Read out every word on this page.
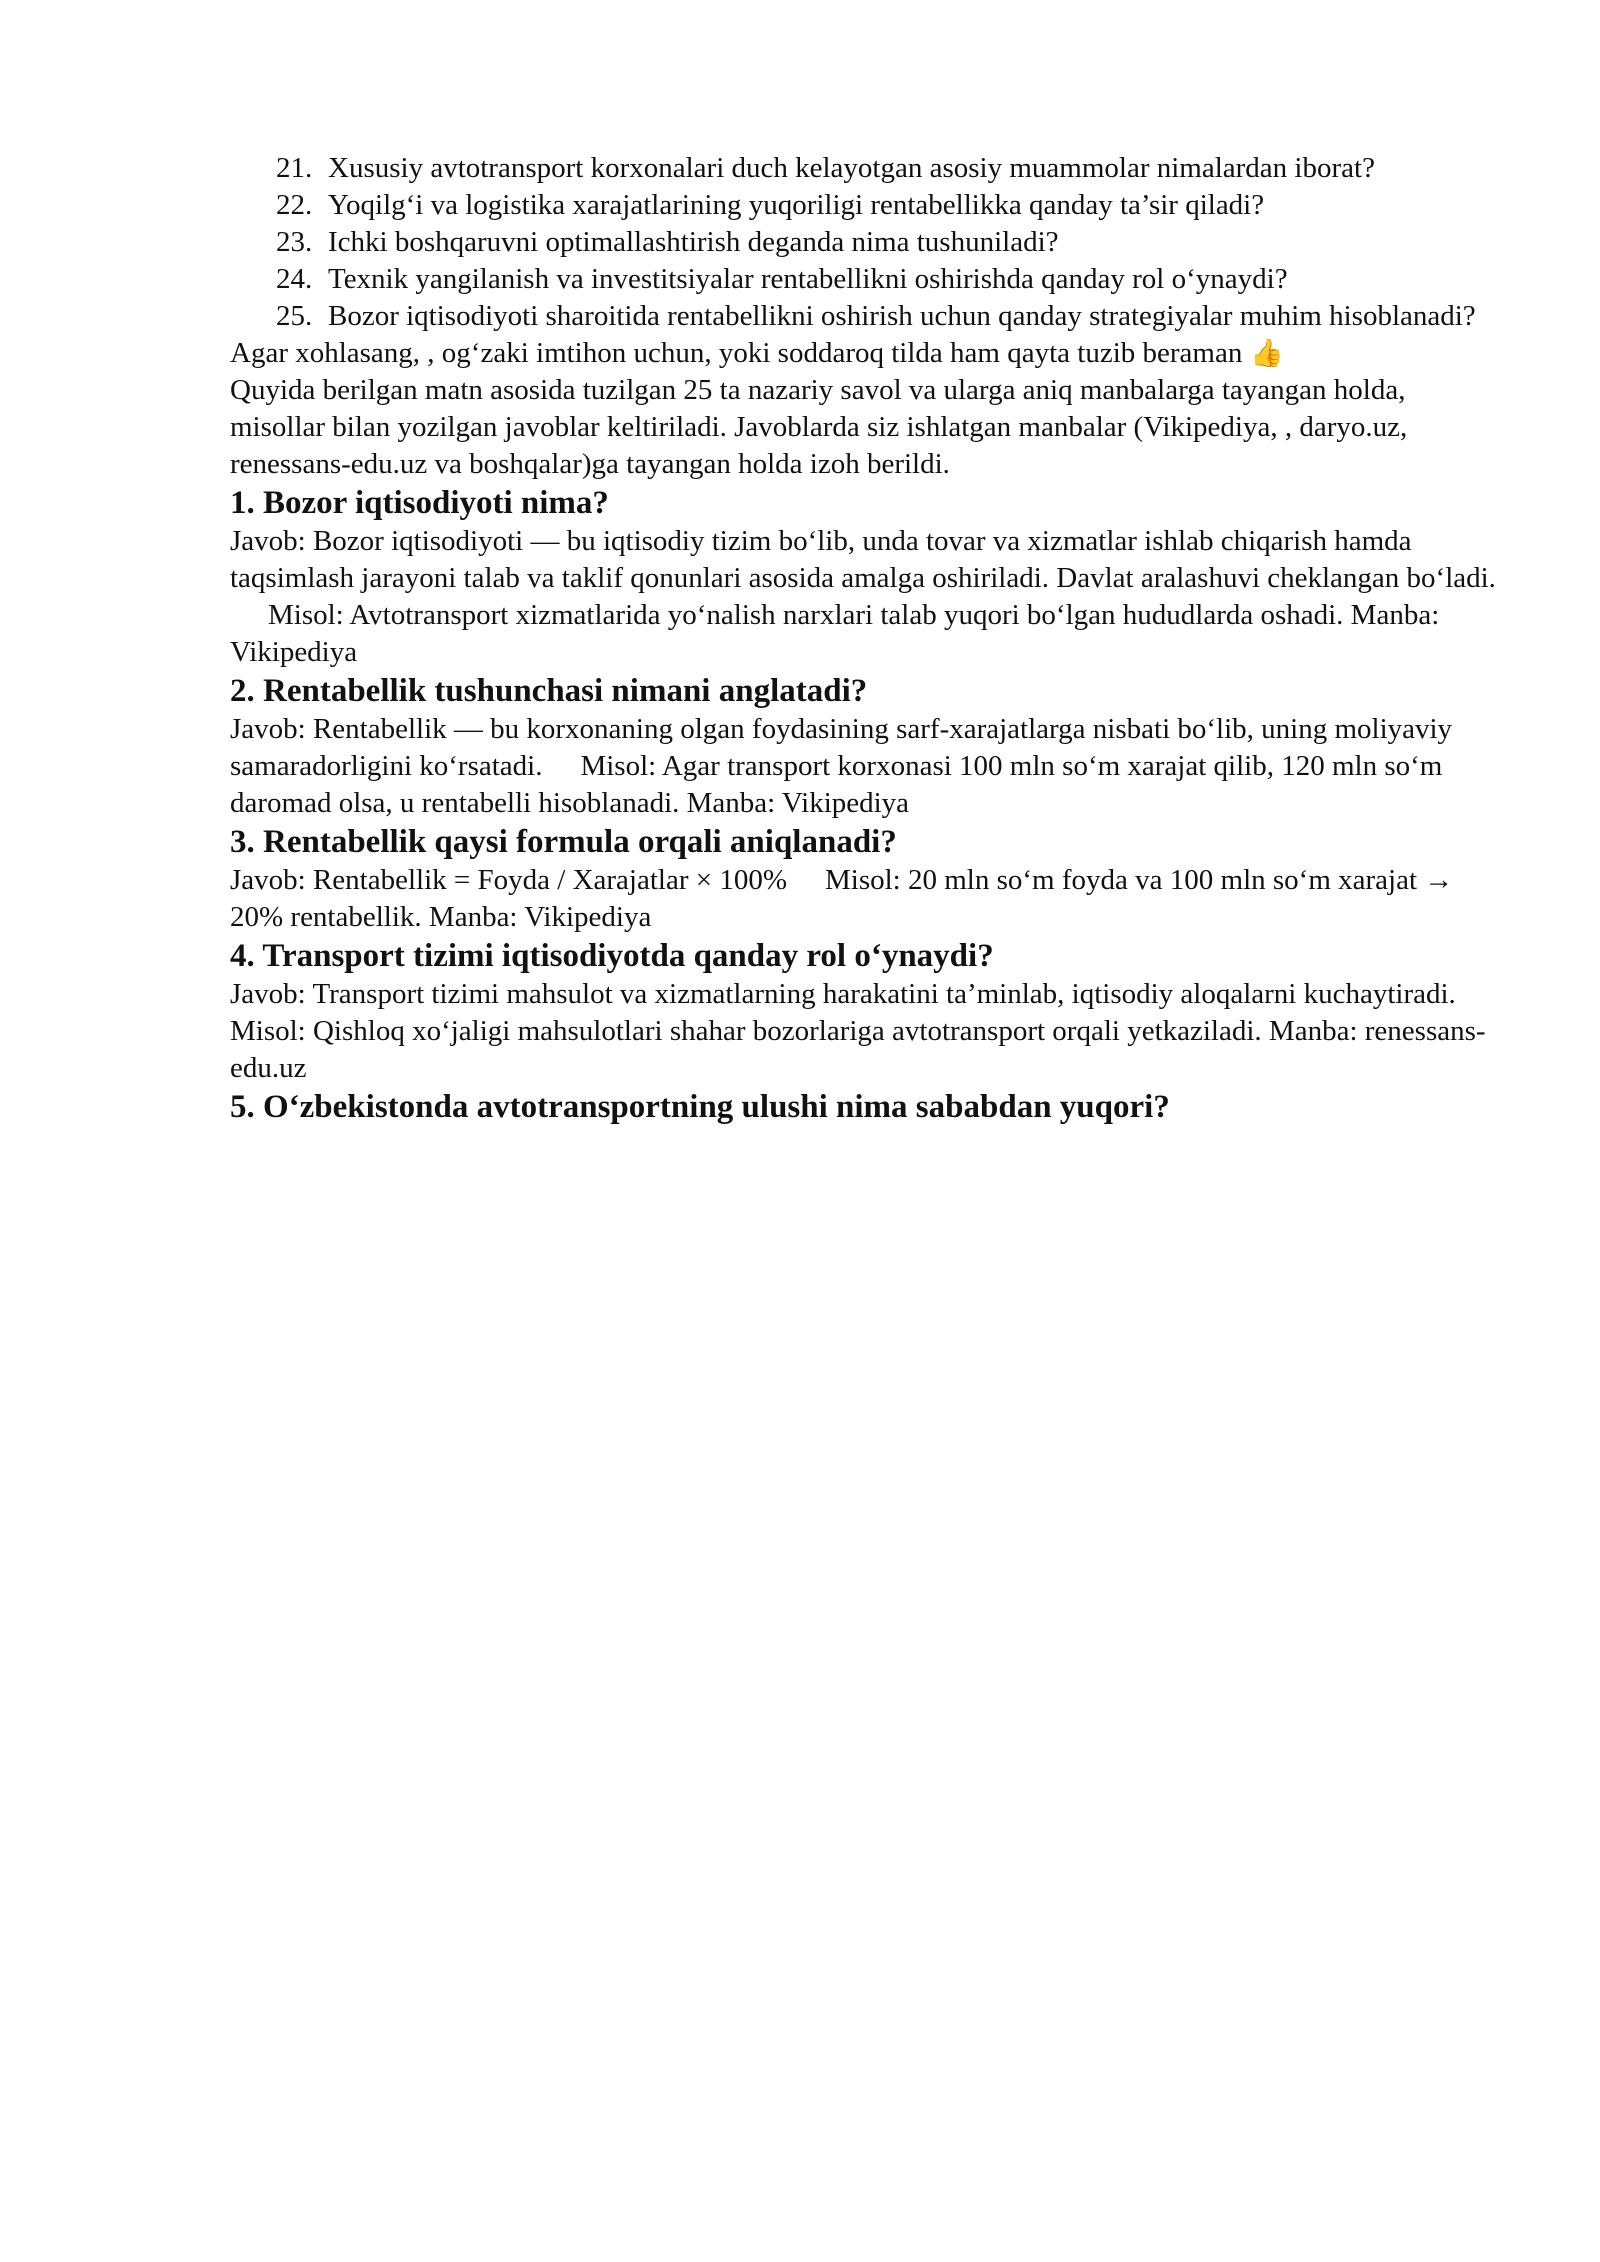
21. Xususiy avtotransport korxonalari duch kelayotgan asosiy muammolar nimalardan iborat?
22. Yoqilg‘i va logistika xarajatlarining yuqoriligi rentabellikka qanday ta’sir qiladi?
23. Ichki boshqaruvni optimallashtirish deganda nima tushuniladi?
24. Texnik yangilanish va investitsiyalar rentabellikni oshirishda qanday rol o‘ynaydi?
25. Bozor iqtisodiyoti sharoitida rentabellikni oshirish uchun qanday strategiyalar muhim hisoblanadi?

Agar xohlasang, , og‘zaki imtihon uchun, yoki soddaroq tilda ham qayta tuzib beraman 👍

Quyida berilgan matn asosida tuzilgan 25 ta nazariy savol va ularga aniq manbalarga tayangan holda, misollar bilan yozilgan javoblar keltiriladi. Javoblarda siz ishlatgan manbalar (Vikipediya, , daryo.uz, renessans-edu.uz va boshqalar)ga tayangan holda izoh berildi.

1. Bozor iqtisodiyoti nima?

Javob: Bozor iqtisodiyoti — bu iqtisodiy tizim bo‘lib, unda tovar va xizmatlar ishlab chiqarish hamda taqsimlash jarayoni talab va taklif qonunlari asosida amalga oshiriladi. Davlat aralashuvi cheklangan bo‘ladi.Misol: Avtotransport xizmatlarida yo‘nalish narxlari talab yuqori bo‘lgan hududlarda oshadi. Manba: Vikipediya

2. Rentabellik tushunchasi nimani anglatadi?

Javob: Rentabellik — bu korxonaning olgan foydasining sarf-xarajatlarga nisbati bo‘lib, uning moliyaviy samaradorligini ko‘rsatadi. Misol: Agar transport korxonasi 100 mln so‘m xarajat qilib, 120 mln so‘m daromad olsa, u rentabelli hisoblanadi. Manba: Vikipediya

3. Rentabellik qaysi formula orqali aniqlanadi?

Javob: Rentabellik = Foyda / Xarajatlar × 100% Misol: 20 mln so‘m foyda va 100 mln so‘m xarajat → 20% rentabellik. Manba: Vikipediya

4. Transport tizimi iqtisodiyotda qanday rol o‘ynaydi?

Javob: Transport tizimi mahsulot va xizmatlarning harakatini ta’minlab, iqtisodiy aloqalarni kuchaytiradi.Misol: Qishloq xo‘jaligi mahsulotlari shahar bozorlariga avtotransport orqali yetkaziladi. Manba: renessans-edu.uz

5. O‘zbekistonda avtotransportning ulushi nima sababdan yuqori?
